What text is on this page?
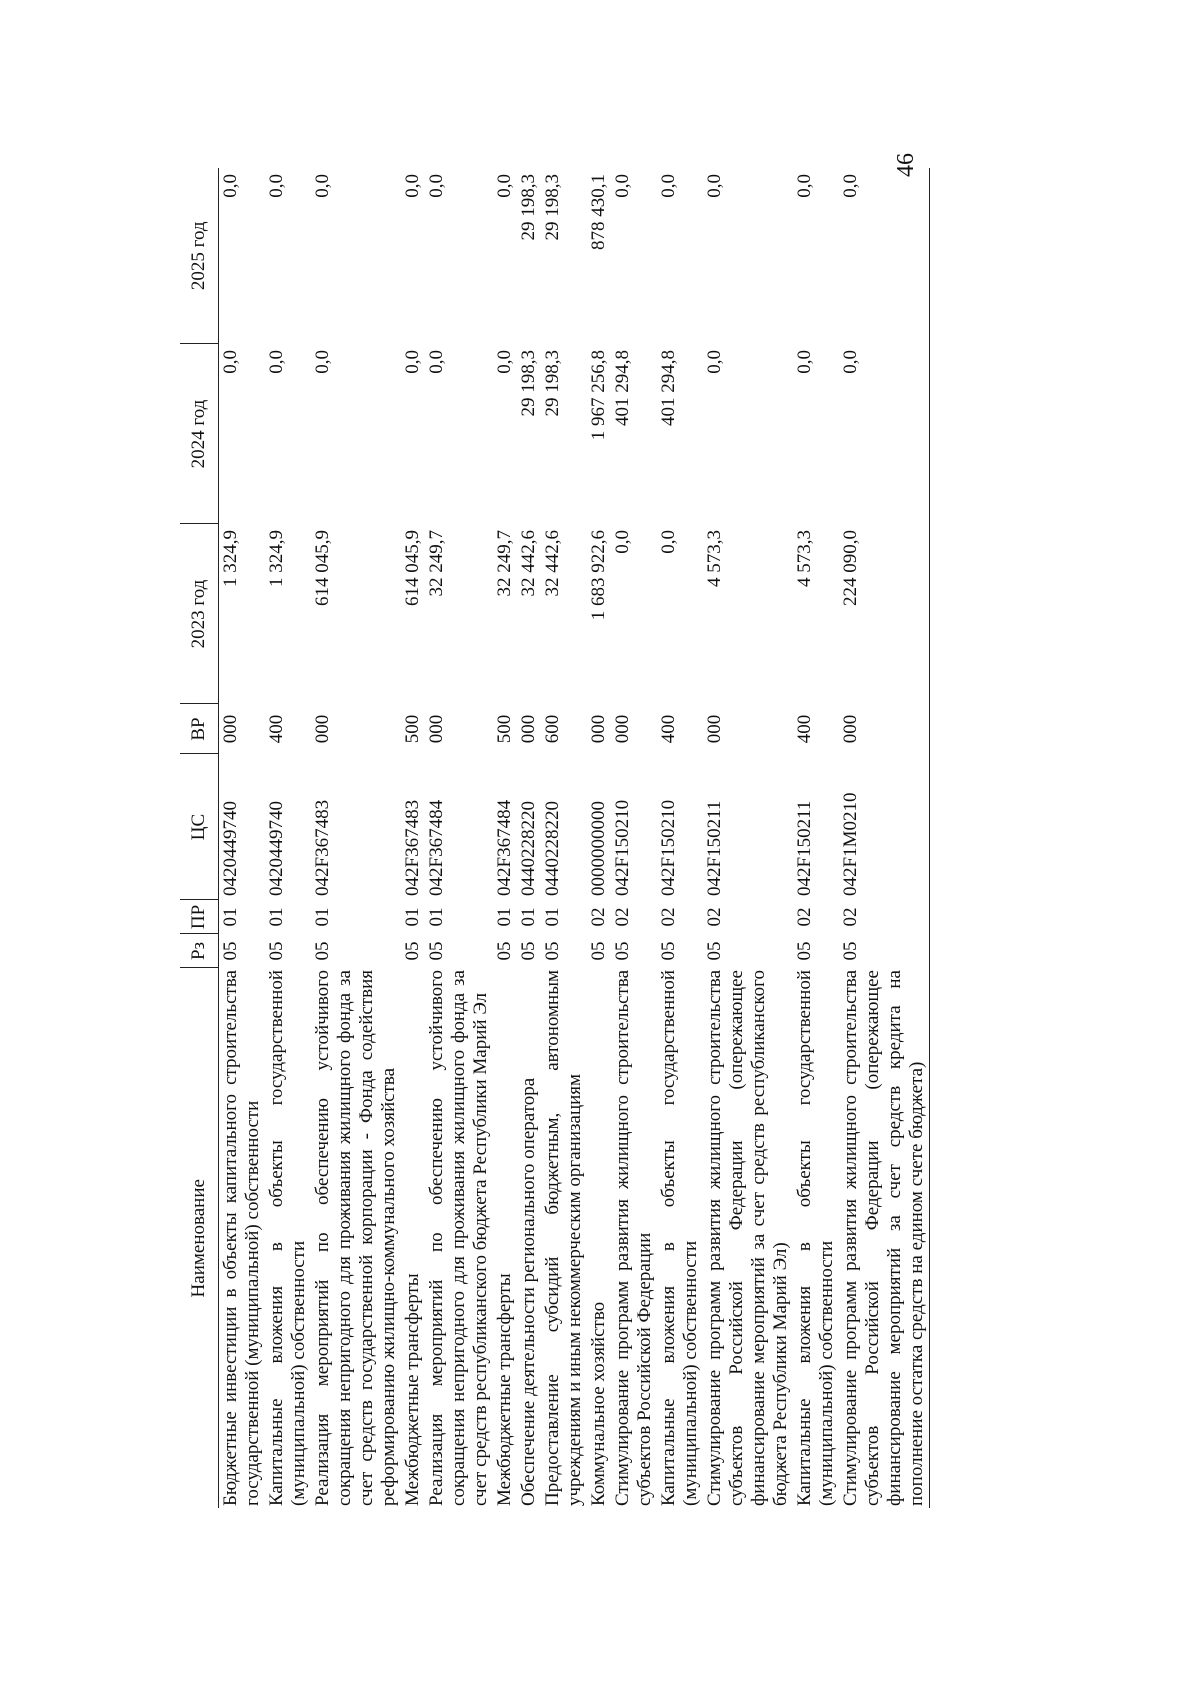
46
Наименование	Рз	ПР	ЦС	ВР	2023 год	2024 год	2025 год
Бюджетные инвестиции в объекты капитального строительства государственной (муниципальной) собственности	05	01	0420449740	000	1 324,9	0,0	0,0
Капитальные вложения в объекты государственной (муниципальной) собственности	05	01	0420449740	400	1 324,9	0,0	0,0
Реализация мероприятий по обеспечению устойчивого сокращения непригодного для проживания жилищного фонда за счет средств государственной корпорации - Фонда содействия реформированию жилищно-коммунального хозяйства	05	01	042F367483	000	614 045,9	0,0	0,0
Межбюджетные трансферты	05	01	042F367483	500	614 045,9	0,0	0,0
Реализация мероприятий по обеспечению устойчивого сокращения непригодного для проживания жилищного фонда за счет средств республиканского бюджета Республики Марий Эл	05	01	042F367484	000	32 249,7	0,0	0,0
Межбюджетные трансферты	05	01	042F367484	500	32 249,7	0,0	0,0
Обеспечение деятельности регионального оператора	05	01	0440228220	000	32 442,6	29 198,3	29 198,3
Предоставление субсидий бюджетным, автономным учреждениям и иным некоммерческим организациям	05	01	0440228220	600	32 442,6	29 198,3	29 198,3
Коммунальное хозяйство	05	02	0000000000	000	1 683 922,6	1 967 256,8	878 430,1
Стимулирование программ развития жилищного строительства субъектов Российской Федерации	05	02	042F150210	000	0,0	401 294,8	0,0
Капитальные вложения в объекты государственной (муниципальной) собственности	05	02	042F150210	400	0,0	401 294,8	0,0
Стимулирование программ развития жилищного строительства субъектов Российской Федерации (опережающее финансирование мероприятий за счет средств республиканского бюджета Республики Марий Эл)	05	02	042F150211	000	4 573,3	0,0	0,0
Капитальные вложения в объекты государственной (муниципальной) собственности	05	02	042F150211	400	4 573,3	0,0	0,0
Стимулирование программ развития жилищного строительства субъектов Российской Федерации (опережающее финансирование мероприятий за счет средств кредита на пополнение остатка средств на едином счете бюджета)	05	02	042F1M0210	000	224 090,0	0,0	0,0
